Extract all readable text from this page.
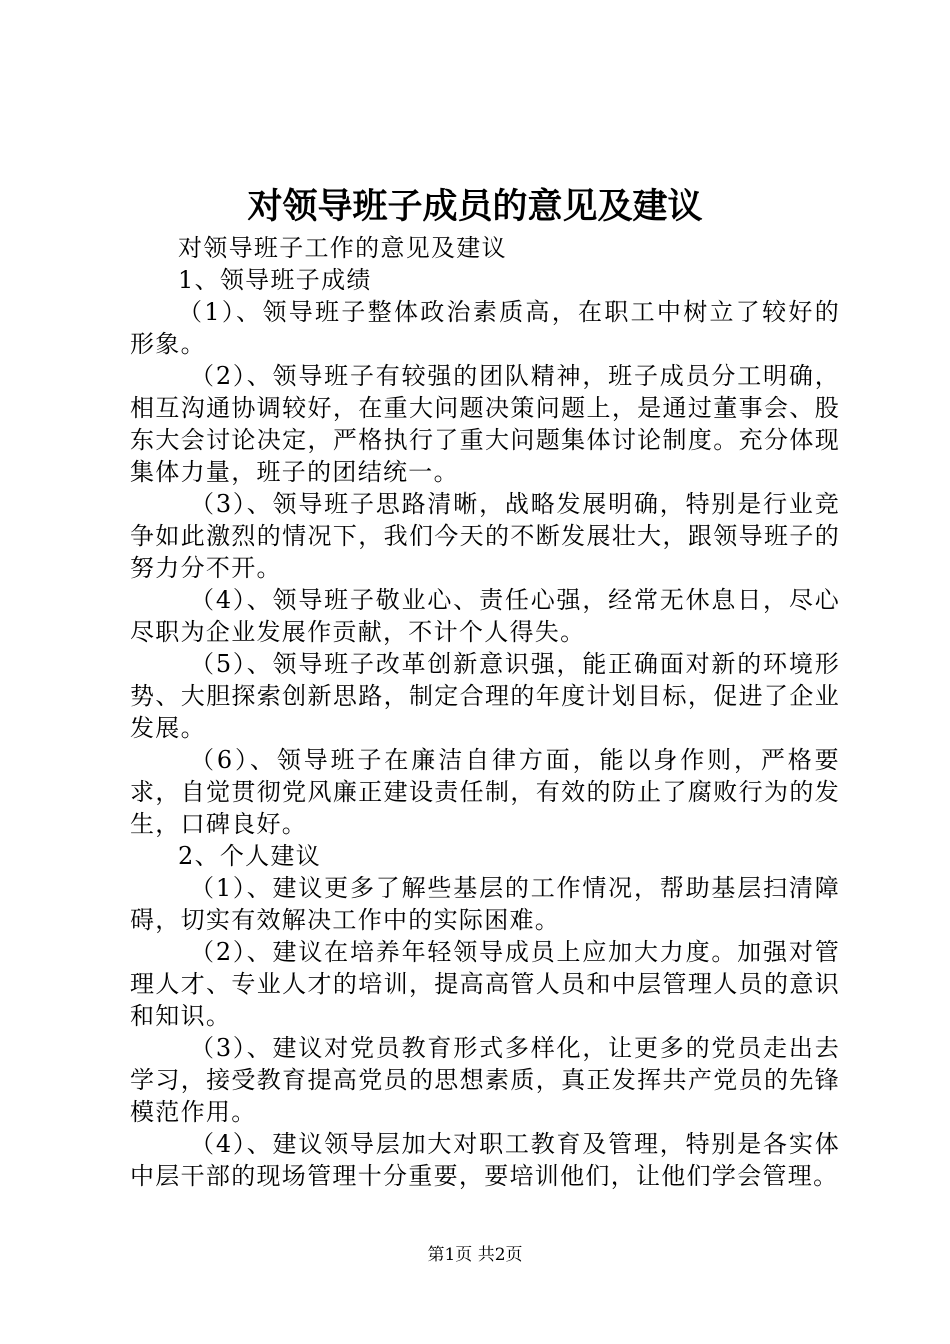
对领导班子成员的意见及建议

对领导班子工作的意见及建议

1、领导班子成绩

（1）、领导班子整体政治素质高，在职工中树立了较好的形象。

（2）、领导班子有较强的团队精神，班子成员分工明确，相互沟通协调较好，在重大问题决策问题上，是通过董事会、股东大会讨论决定，严格执行了重大问题集体讨论制度。充分体现集体力量，班子的团结统一。

（3）、领导班子思路清晰，战略发展明确，特别是行业竞争如此激烈的情况下，我们今天的不断发展壮大，跟领导班子的努力分不开。

（4）、领导班子敬业心、责任心强，经常无休息日，尽心尽职为企业发展作贡献，不计个人得失。

（5）、领导班子改革创新意识强，能正确面对新的环境形势、大胆探索创新思路，制定合理的年度计划目标，促进了企业发展。

（6）、领导班子在廉洁自律方面，能以身作则，严格要求，自觉贯彻党风廉正建设责任制，有效的防止了腐败行为的发生，口碑良好。

2、个人建议

（1）、建议更多了解些基层的工作情况，帮助基层扫清障碍，切实有效解决工作中的实际困难。

（2）、建议在培养年轻领导成员上应加大力度。加强对管理人才、专业人才的培训，提高高管人员和中层管理人员的意识和知识。

（3）、建议对党员教育形式多样化，让更多的党员走出去学习，接受教育提高党员的思想素质，真正发挥共产党员的先锋模范作用。

（4）、建议领导层加大对职工教育及管理，特别是各实体中层干部的现场管理十分重要，要培训他们，让他们学会管理。

第1页 共2页
